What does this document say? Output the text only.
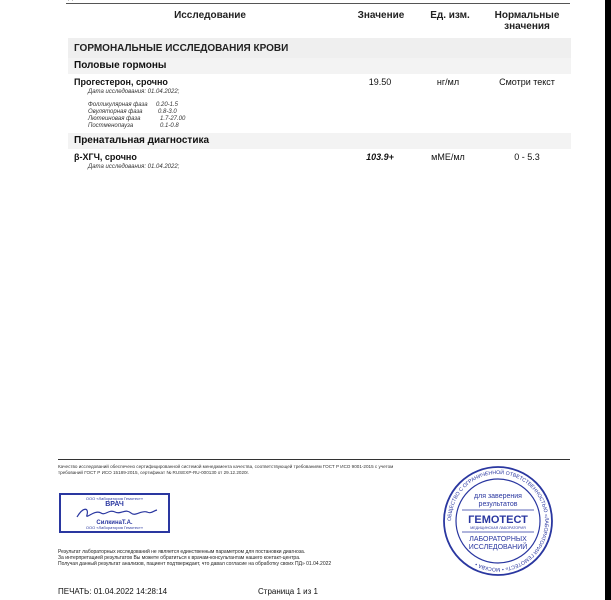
Исследование	Значение	Ед. изм.	Нормальные
значения
ГОРМОНАЛЬНЫЕ ИССЛЕДОВАНИЯ КРОВИ
Половые гормоны
Прогестерон, срочно	19.50	нг/мл	Смотри текст
Дата исследования: 01.04.2022;
Фолликулярная фаза 0.20-1.5
Овуляторная фаза	0.8-3.0
Лютеиновая фаза	1.7-27.00
Постменопауза	0.1-0.8
Пренатальная диагностика
β-ХГЧ, срочно	103.9+	мМЕ/мл	0 - 5.3
Дата исследования: 01.04.2022;
Качество исследований обеспечено сертифицированной системой менеджмента качества, соответствующей требованиям ГОСТ Р ИСО 9001-2015 с учетом
требований ГОСТ Р ИСО 15189-2015, сертификат № RUSEXP-RU-000130 от 29.12.2020г.
ООО «Лаборатория Гемотест»
ВРАЧ
СилкинаТ.А.
ООО «Лаборатория Гемотест»
Результат лабораторных исследований не является единственным параметром для постановки диагноза.
За интерпретацией результатов Вы можете обратиться к врачам-консультантам нашего контакт-центра.
Получая данный результат анализов, пациент подтверждает, что давал согласие на обработку своих ПД» 01.04.2022
ПЕЧАТЬ: 01.04.2022 14:28:14	Страница 1 из 1
ОБЩЕСТВО С ОГРАНИЧЕННОЙ ОТВЕТСТВЕННОСТЬЮ «ЛАБОРАТОРИЯ ГЕМОТЕСТ» • МОСКВА •
для заверения
результатов
ГЕМОТЕСТ
МЕДИЦИНСКАЯ ЛАБОРАТОРИЯ
ЛАБОРАТОРНЫХ
ИССЛЕДОВАНИЙ
